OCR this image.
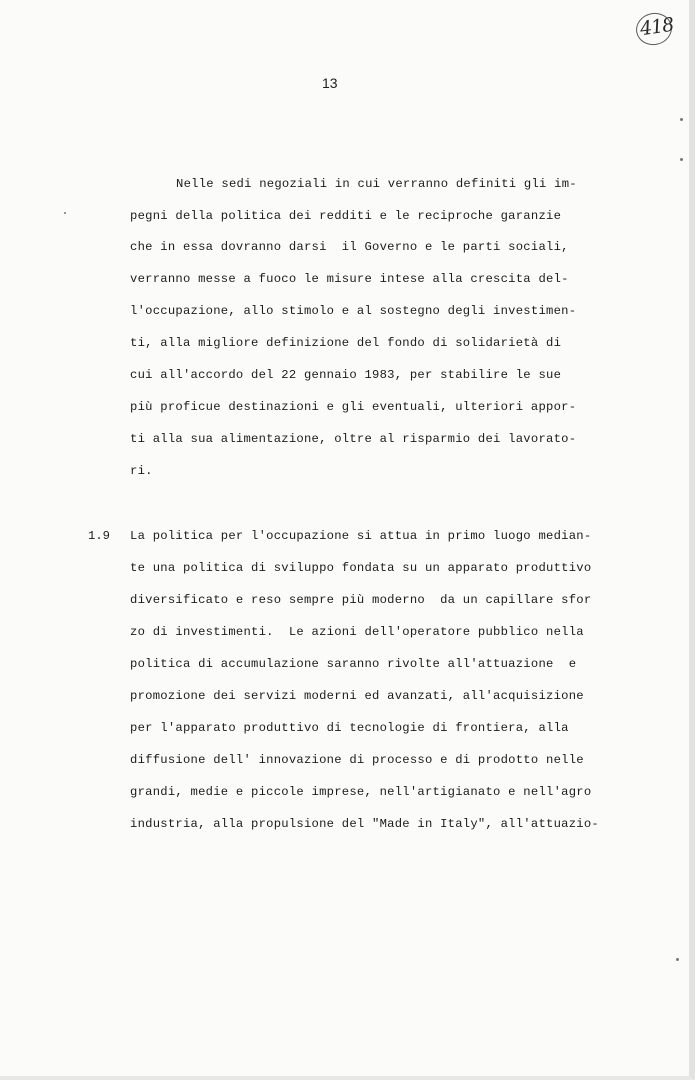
418
13
Nelle sedi negoziali in cui verranno definiti gli im-
pegni della politica dei redditi e le reciproche garanzie
che in essa dovranno darsi  il Governo e le parti sociali,
verranno messe a fuoco le misure intese alla crescita del-
l'occupazione, allo stimolo e al sostegno degli investimen-
ti, alla migliore definizione del fondo di solidarietà di
cui all'accordo del 22 gennaio 1983, per stabilire le sue
più proficue destinazioni e gli eventuali, ulteriori appor-
ti alla sua alimentazione, oltre al risparmio dei lavorato-
ri.
1.9 La politica per l'occupazione si attua in primo luogo median-
te una politica di sviluppo fondata su un apparato produttivo
diversificato e reso sempre più moderno  da un capillare sfor
zo di investimenti.  Le azioni dell'operatore pubblico nella
politica di accumulazione saranno rivolte all'attuazione  e
promozione dei servizi moderni ed avanzati, all'acquisizione
per l'apparato produttivo di tecnologie di frontiera, alla
diffusione dell' innovazione di processo e di prodotto nelle
grandi, medie e piccole imprese, nell'artigianato e nell'agro
industria, alla propulsione del "Made in Italy", all'attuazio-
